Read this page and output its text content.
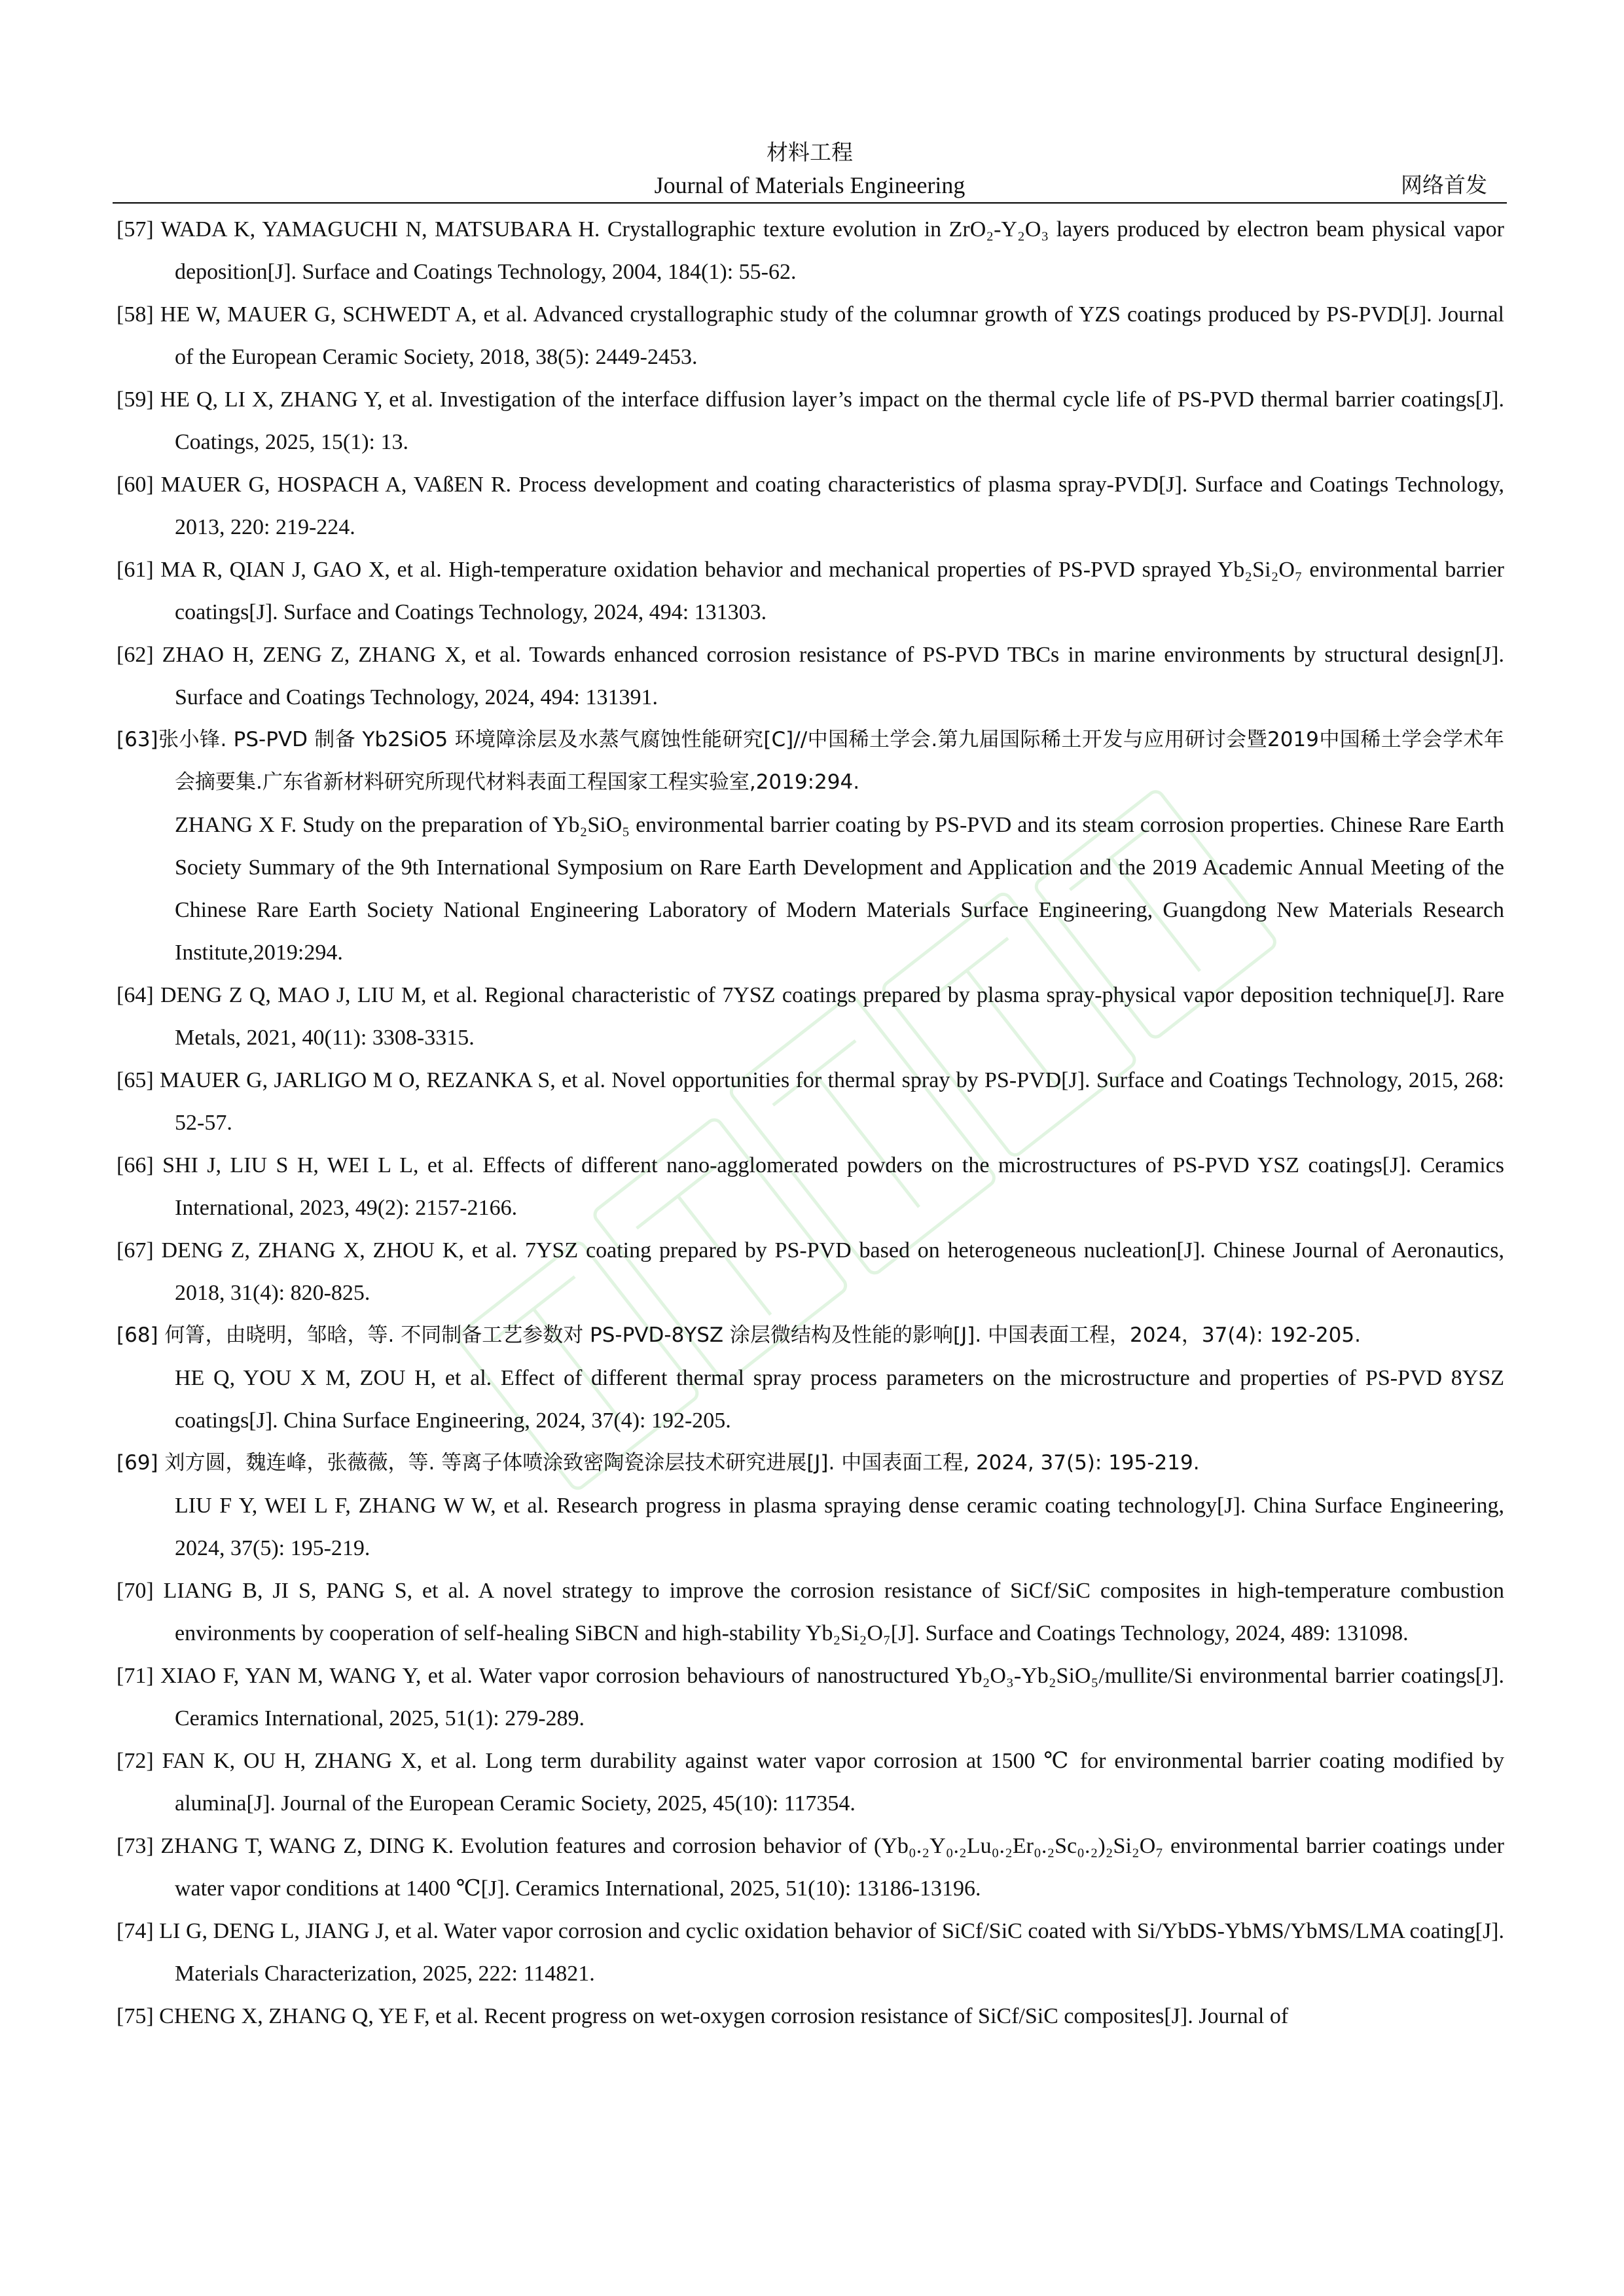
材料工程
Journal of Materials Engineering	网络首发

[57] WADA K, YAMAGUCHI N, MATSUBARA H. Crystallographic texture evolution in ZrO₂-Y₂O₃ layers produced by electron beam physical vapor deposition[J]. Surface and Coatings Technology, 2004, 184(1): 55-62.

[58] HE W, MAUER G, SCHWEDT A, et al. Advanced crystallographic study of the columnar growth of YZS coatings produced by PS-PVD[J]. Journal of the European Ceramic Society, 2018, 38(5): 2449-2453.

[59] HE Q, LI X, ZHANG Y, et al. Investigation of the interface diffusion layer’s impact on the thermal cycle life of PS-PVD thermal barrier coatings[J]. Coatings, 2025, 15(1): 13.

[60] MAUER G, HOSPACH A, VAßEN R. Process development and coating characteristics of plasma spray-PVD[J]. Surface and Coatings Technology, 2013, 220: 219-224.

[61] MA R, QIAN J, GAO X, et al. High-temperature oxidation behavior and mechanical properties of PS-PVD sprayed Yb₂Si₂O₇ environmental barrier coatings[J]. Surface and Coatings Technology, 2024, 494: 131303.

[62] ZHAO H, ZENG Z, ZHANG X, et al. Towards enhanced corrosion resistance of PS-PVD TBCs in marine environments by structural design[J]. Surface and Coatings Technology, 2024, 494: 131391.

[63]张小锋. PS-PVD 制备 Yb2SiO5 环境障涂层及水蒸气腐蚀性能研究[C]//中国稀土学会.第九届国际稀土开发与应用研讨会暨2019中国稀土学会学术年会摘要集.广东省新材料研究所现代材料表面工程国家工程实验室,2019:294.

ZHANG X F. Study on the preparation of Yb₂SiO₅ environmental barrier coating by PS-PVD and its steam corrosion properties. Chinese Rare Earth Society Summary of the 9th International Symposium on Rare Earth Development and Application and the 2019 Academic Annual Meeting of the Chinese Rare Earth Society National Engineering Laboratory of Modern Materials Surface Engineering, Guangdong New Materials Research Institute,2019:294.

[64] DENG Z Q, MAO J, LIU M, et al. Regional characteristic of 7YSZ coatings prepared by plasma spray-physical vapor deposition technique[J]. Rare Metals, 2021, 40(11): 3308-3315.

[65] MAUER G, JARLIGO M O, REZANKA S, et al. Novel opportunities for thermal spray by PS-PVD[J]. Surface and Coatings Technology, 2015, 268: 52-57.

[66] SHI J, LIU S H, WEI L L, et al. Effects of different nano-agglomerated powders on the microstructures of PS-PVD YSZ coatings[J]. Ceramics International, 2023, 49(2): 2157-2166.

[67] DENG Z, ZHANG X, ZHOU K, et al. 7YSZ coating prepared by PS-PVD based on heterogeneous nucleation[J]. Chinese Journal of Aeronautics, 2018, 31(4): 820-825.

[68] 何箐，由晓明，邹晗，等. 不同制备工艺参数对 PS-PVD-8YSZ 涂层微结构及性能的影响[J]. 中国表面工程，2024，37(4): 192-205.

HE Q, YOU X M, ZOU H, et al. Effect of different thermal spray process parameters on the microstructure and properties of PS-PVD 8YSZ coatings[J]. China Surface Engineering, 2024, 37(4): 192-205.

[69] 刘方圆，魏连峰，张薇薇，等. 等离子体喷涂致密陶瓷涂层技术研究进展[J]. 中国表面工程, 2024, 37(5): 195-219.

LIU F Y, WEI L F, ZHANG W W, et al. Research progress in plasma spraying dense ceramic coating technology[J]. China Surface Engineering, 2024, 37(5): 195-219.

[70] LIANG B, JI S, PANG S, et al. A novel strategy to improve the corrosion resistance of SiCf/SiC composites in high-temperature combustion environments by cooperation of self-healing SiBCN and high-stability Yb₂Si₂O₇[J]. Surface and Coatings Technology, 2024, 489: 131098.

[71] XIAO F, YAN M, WANG Y, et al. Water vapor corrosion behaviours of nanostructured Yb₂O₃-Yb₂SiO₅/mullite/Si environmental barrier coatings[J]. Ceramics International, 2025, 51(1): 279-289.

[72] FAN K, OU H, ZHANG X, et al. Long term durability against water vapor corrosion at 1500 ℃ for environmental barrier coating modified by alumina[J]. Journal of the European Ceramic Society, 2025, 45(10): 117354.

[73] ZHANG T, WANG Z, DING K. Evolution features and corrosion behavior of (Yb₀.₂Y₀.₂Lu₀.₂Er₀.₂Sc₀.₂)₂Si₂O₇ environmental barrier coatings under water vapor conditions at 1400 ℃[J]. Ceramics International, 2025, 51(10): 13186-13196.

[74] LI G, DENG L, JIANG J, et al. Water vapor corrosion and cyclic oxidation behavior of SiCf/SiC coated with Si/YbDS-YbMS/YbMS/LMA coating[J]. Materials Characterization, 2025, 222: 114821.

[75] CHENG X, ZHANG Q, YE F, et al. Recent progress on wet-oxygen corrosion resistance of SiCf/SiC composites[J]. Journal of
